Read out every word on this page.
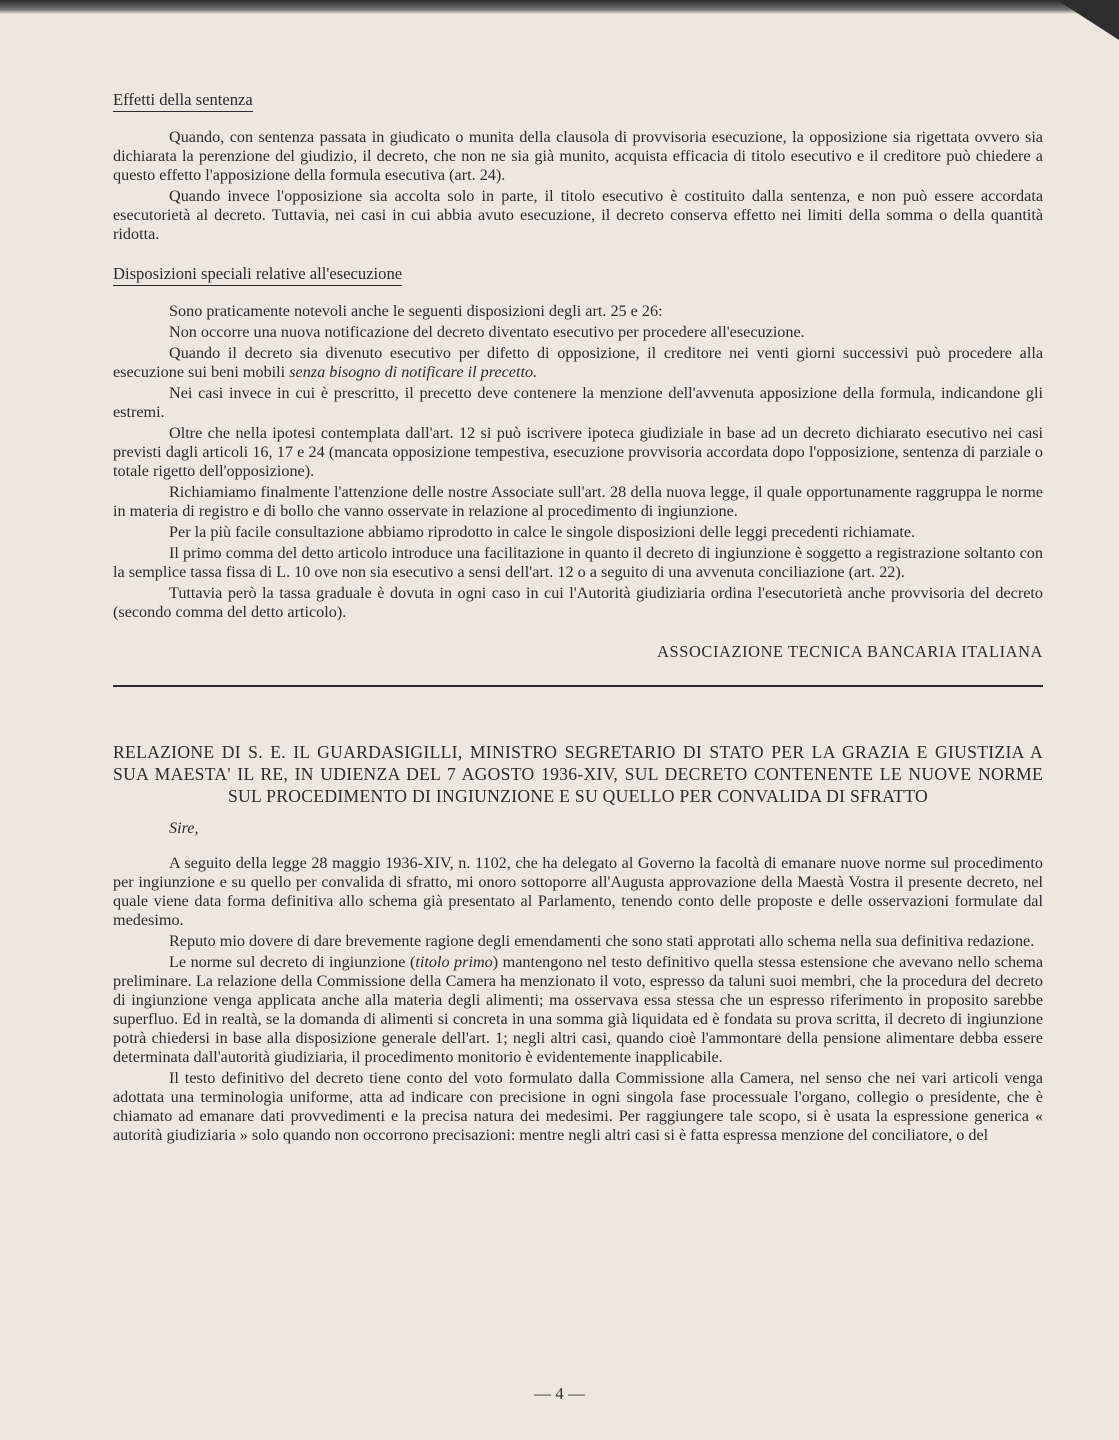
Effetti della sentenza

Quando, con sentenza passata in giudicato o munita della clausola di provvisoria esecuzione, la opposizione sia rigettata ovvero sia dichiarata la perenzione del giudizio, il decreto, che non ne sia già munito, acquista efficacia di titolo esecutivo e il creditore può chiedere a questo effetto l'apposizione della formula esecutiva (art. 24).

Quando invece l'opposizione sia accolta solo in parte, il titolo esecutivo è costituito dalla sentenza, e non può essere accordata esecutorietà al decreto. Tuttavia, nei casi in cui abbia avuto esecuzione, il decreto conserva effetto nei limiti della somma o della quantità ridotta.

Disposizioni speciali relative all'esecuzione

Sono praticamente notevoli anche le seguenti disposizioni degli art. 25 e 26:

Non occorre una nuova notificazione del decreto diventato esecutivo per procedere all'esecuzione.

Quando il decreto sia divenuto esecutivo per difetto di opposizione, il creditore nei venti giorni successivi può procedere alla esecuzione sui beni mobili senza bisogno di notificare il precetto.

Nei casi invece in cui è prescritto, il precetto deve contenere la menzione dell'avvenuta apposizione della formula, indicandone gli estremi.

Oltre che nella ipotesi contemplata dall'art. 12 si può iscrivere ipoteca giudiziale in base ad un decreto dichiarato esecutivo nei casi previsti dagli articoli 16, 17 e 24 (mancata opposizione tempestiva, esecuzione provvisoria accordata dopo l'opposizione, sentenza di parziale o totale rigetto dell'opposizione).

Richiamiamo finalmente l'attenzione delle nostre Associate sull'art. 28 della nuova legge, il quale opportunamente raggruppa le norme in materia di registro e di bollo che vanno osservate in relazione al procedimento di ingiunzione.

Per la più facile consultazione abbiamo riprodotto in calce le singole disposizioni delle leggi precedenti richiamate.

Il primo comma del detto articolo introduce una facilitazione in quanto il decreto di ingiunzione è soggetto a registrazione soltanto con la semplice tassa fissa di L. 10 ove non sia esecutivo a sensi dell'art. 12 o a seguito di una avvenuta conciliazione (art. 22).

Tuttavia però la tassa graduale è dovuta in ogni caso in cui l'Autorità giudiziaria ordina l'esecutorietà anche provvisoria del decreto (secondo comma del detto articolo).

ASSOCIAZIONE TECNICA BANCARIA ITALIANA
RELAZIONE DI S. E. IL GUARDASIGILLI, MINISTRO SEGRETARIO DI STATO PER LA GRAZIA E GIUSTIZIA A SUA MAESTA' IL RE, IN UDIENZA DEL 7 AGOSTO 1936-XIV, SUL DECRETO CONTENENTE LE NUOVE NORME SUL PROCEDIMENTO DI INGIUNZIONE E SU QUELLO PER CONVALIDA DI SFRATTO
Sire,

A seguito della legge 28 maggio 1936-XIV, n. 1102, che ha delegato al Governo la facoltà di emanare nuove norme sul procedimento per ingiunzione e su quello per convalida di sfratto, mi onoro sottoporre all'Augusta approvazione della Maestà Vostra il presente decreto, nel quale viene data forma definitiva allo schema già presentato al Parlamento, tenendo conto delle proposte e delle osservazioni formulate dal medesimo.

Reputo mio dovere di dare brevemente ragione degli emendamenti che sono stati approtati allo schema nella sua definitiva redazione.

Le norme sul decreto di ingiunzione (titolo primo) mantengono nel testo definitivo quella stessa estensione che avevano nello schema preliminare. La relazione della Commissione della Camera ha menzionato il voto, espresso da taluni suoi membri, che la procedura del decreto di ingiunzione venga applicata anche alla materia degli alimenti; ma osservava essa stessa che un espresso riferimento in proposito sarebbe superfluo. Ed in realtà, se la domanda di alimenti si concreta in una somma già liquidata ed è fondata su prova scritta, il decreto di ingiunzione potrà chiedersi in base alla disposizione generale dell'art. 1; negli altri casi, quando cioè l'ammontare della pensione alimentare debba essere determinata dall'autorità giudiziaria, il procedimento monitorio è evidentemente inapplicabile.

Il testo definitivo del decreto tiene conto del voto formulato dalla Commissione alla Camera, nel senso che nei vari articoli venga adottata una terminologia uniforme, atta ad indicare con precisione in ogni singola fase processuale l'organo, collegio o presidente, che è chiamato ad emanare dati provvedimenti e la precisa natura dei medesimi. Per raggiungere tale scopo, si è usata la espressione generica « autorità giudiziaria » solo quando non occorrono precisazioni: mentre negli altri casi si è fatta espressa menzione del conciliatore, o del

— 4 —
